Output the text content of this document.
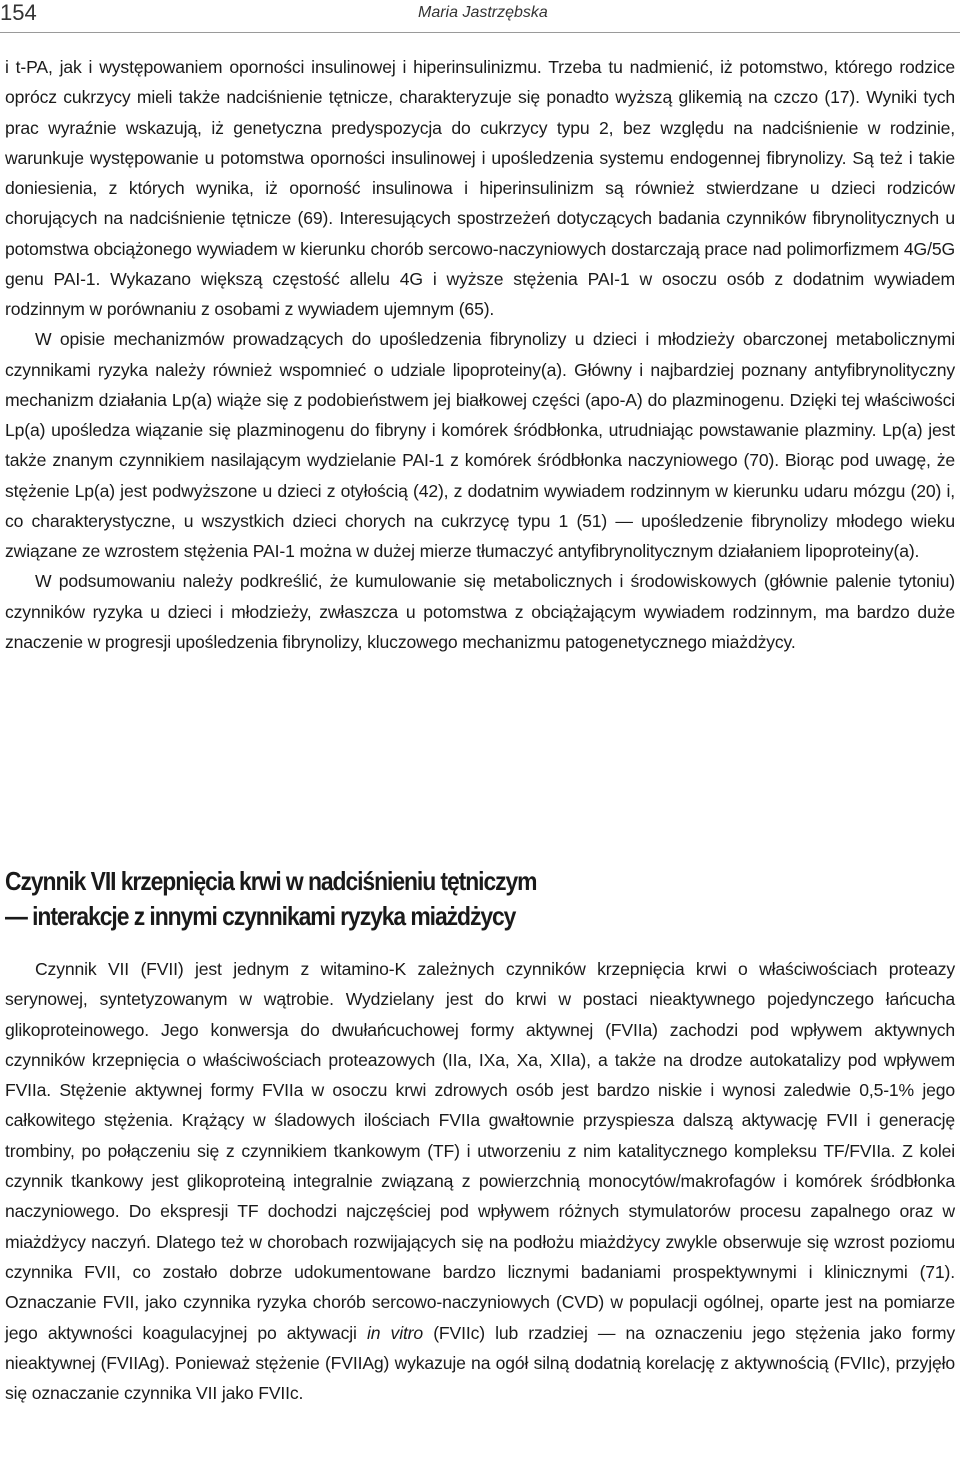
154	Maria Jastrzębska

i t-PA, jak i występowaniem oporności insulinowej i hiperinsulinizmu. Trzeba tu nadmienić, iż potomstwo, którego rodzice oprócz cukrzycy mieli także nadciśnienie tętnicze, charakteryzuje się ponadto wyższą glikemią na czczo (17). Wyniki tych prac wyraźnie wskazują, iż genetyczna predyspozycja do cukrzycy typu 2, bez względu na nadciśnienie w rodzinie, warunkuje występowanie u potomstwa oporności insulinowej i upośledzenia systemu endogennej fibrynolizy. Są też i takie doniesienia, z których wynika, iż oporność insulinowa i hiperinsulinizm są również stwierdzane u dzieci rodziców chorujących na nadciśnienie tętnicze (69). Interesujących spostrzeżeń dotyczących badania czynników fibrynolitycznych u potomstwa obciążonego wywiadem w kierunku chorób sercowo-naczyniowych dostarczają prace nad polimorfizmem 4G/5G genu PAI-1. Wykazano większą częstość allelu 4G i wyższe stężenia PAI-1 w osoczu osób z dodatnim wywiadem rodzinnym w porównaniu z osobami z wywiadem ujemnym (65).

W opisie mechanizmów prowadzących do upośledzenia fibrynolizy u dzieci i młodzieży obarczonej metabolicznymi czynnikami ryzyka należy również wspomnieć o udziale lipoproteiny(a). Główny i najbardziej poznany antyfibrynolityczny mechanizm działania Lp(a) wiąże się z podobieństwem jej białkowej części (apo-A) do plazminogenu. Dzięki tej właściwości Lp(a) upośledza wiązanie się plazminogenu do fibryny i komórek śródbłonka, utrudniając powstawanie plazminy. Lp(a) jest także znanym czynnikiem nasilającym wydzielanie PAI-1 z komórek śródbłonka naczyniowego (70). Biorąc pod uwagę, że stężenie Lp(a) jest podwyższone u dzieci z otyłością (42), z dodatnim wywiadem rodzinnym w kierunku udaru mózgu (20) i, co charakterystyczne, u wszystkich dzieci chorych na cukrzycę typu 1 (51) — upośledzenie fibrynolizy młodego wieku związane ze wzrostem stężenia PAI-1 można w dużej mierze tłumaczyć antyfibrynolitycznym działaniem lipoproteiny(a).

W podsumowaniu należy podkreślić, że kumulowanie się metabolicznych i środowiskowych (głównie palenie tytoniu) czynników ryzyka u dzieci i młodzieży, zwłaszcza u potomstwa z obciążającym wywiadem rodzinnym, ma bardzo duże znaczenie w progresji upośledzenia fibrynolizy, kluczowego mechanizmu patogenetycznego miażdżycy.

Czynnik VII krzepnięcia krwi w nadciśnieniu tętniczym
— interakcje z innymi czynnikami ryzyka miażdżycy

Czynnik VII (FVII) jest jednym z witamino-K zależnych czynników krzepnięcia krwi o właściwościach proteazy serynowej, syntetyzowanym w wątrobie. Wydzielany jest do krwi w postaci nieaktywnego pojedynczego łańcucha glikoproteinowego. Jego konwersja do dwułańcuchowej formy aktywnej (FVIIa) zachodzi pod wpływem aktywnych czynników krzepnięcia o właściwościach proteazowych (IIa, IXa, Xa, XIIa), a także na drodze autokatalizy pod wpływem FVIIa. Stężenie aktywnej formy FVIIa w osoczu krwi zdrowych osób jest bardzo niskie i wynosi zaledwie 0,5-1% jego całkowitego stężenia. Krążący w śladowych ilościach FVIIa gwałtownie przyspiesza dalszą aktywację FVII i generację trombiny, po połączeniu się z czynnikiem tkankowym (TF) i utworzeniu z nim katalitycznego kompleksu TF/FVIIa. Z kolei czynnik tkankowy jest glikoproteiną integralnie związaną z powierzchnią monocytów/makrofagów i komórek śródbłonka naczyniowego. Do ekspresji TF dochodzi najczęściej pod wpływem różnych stymulatorów procesu zapalnego oraz w miażdżycy naczyń. Dlatego też w chorobach rozwijających się na podłożu miażdżycy zwykle obserwuje się wzrost poziomu czynnika FVII, co zostało dobrze udokumentowane bardzo licznymi badaniami prospektywnymi i klinicznymi (71). Oznaczanie FVII, jako czynnika ryzyka chorób sercowo-naczyniowych (CVD) w populacji ogólnej, oparte jest na pomiarze jego aktywności koagulacyjnej po aktywacji in vitro (FVIIc) lub rzadziej — na oznaczeniu jego stężenia jako formy nieaktywnej (FVIIAg). Ponieważ stężenie (FVIIAg) wykazuje na ogół silną dodatnią korelację z aktywnością (FVIIc), przyjęło się oznaczanie czynnika VII jako FVIIc.
